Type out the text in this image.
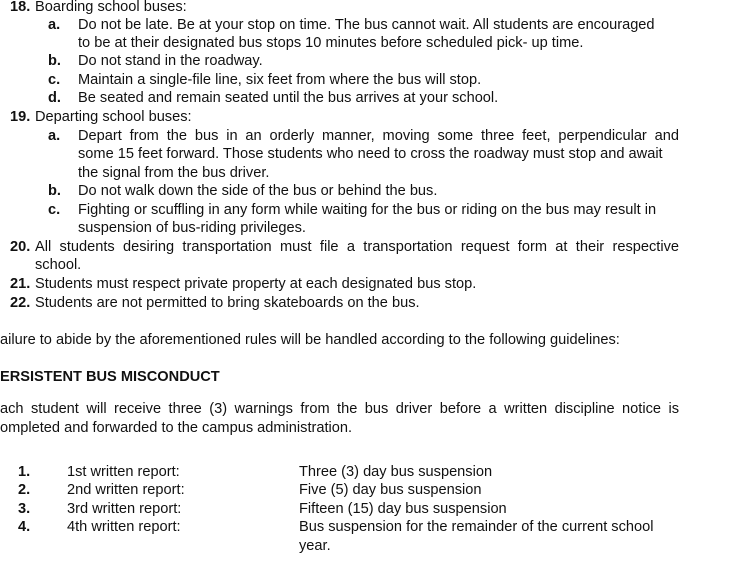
18. Boarding school buses:
a. Do not be late. Be at your stop on time. The bus cannot wait. All students are encouraged
to be at their designated bus stops 10 minutes before scheduled pick- up time.
b. Do not stand in the roadway.
c. Maintain a single-file line, six feet from where the bus will stop.
d. Be seated and remain seated until the bus arrives at your school.
19. Departing school buses:
a. Depart from the bus in an orderly manner, moving some three feet, perpendicular and
some 15 feet forward. Those students who need to cross the roadway must stop and await
the signal from the bus driver.
b. Do not walk down the side of the bus or behind the bus.
c. Fighting or scuffling in any form while waiting for the bus or riding on the bus may result in
suspension of bus-riding privileges.
20. All students desiring transportation must file a transportation request form at their respective
school.
21. Students must respect private property at each designated bus stop.
22. Students are not permitted to bring skateboards on the bus.
ailure to abide by the aforementioned rules will be handled according to the following guidelines:
ERSISTENT BUS MISCONDUCT
ach student will receive three (3) warnings from the bus driver before a written discipline notice is
ompleted and forwarded to the campus administration.
1.	1st written report:	Three (3) day bus suspension
2.	2nd written report:	Five (5) day bus suspension
3.	3rd written report:	Fifteen (15) day bus suspension
4.	4th written report:	Bus suspension for the remainder of the current school
year.
